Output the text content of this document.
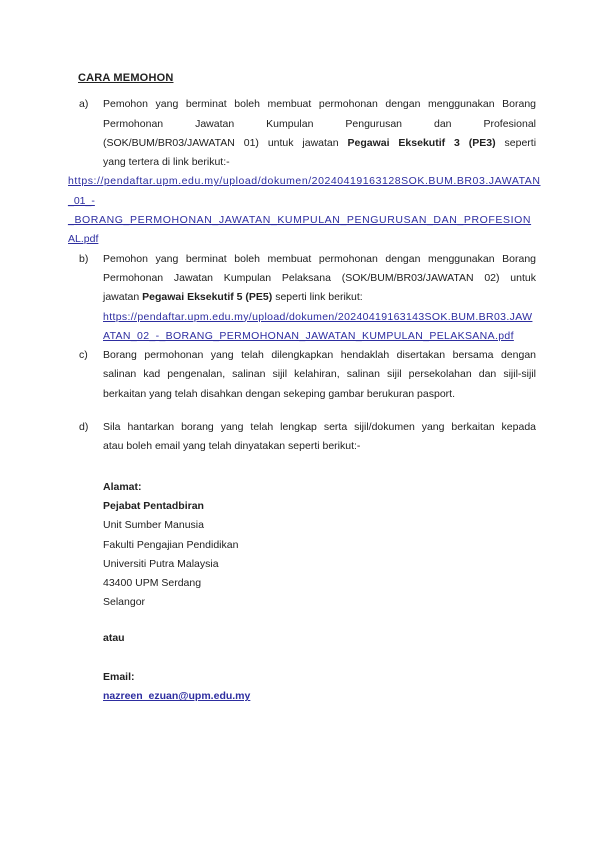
CARA MEMOHON
a) Pemohon yang berminat boleh membuat permohonan dengan menggunakan Borang
Permohonan Jawatan Kumpulan Pengurusan dan Profesional
(SOK/BUM/BR03/JAWATAN 01) untuk jawatan Pegawai Eksekutif 3 (PE3) seperti
yang tertera di link berikut:-
https://pendaftar.upm.edu.my/upload/dokumen/20240419163128SOK.BUM.BR03.JAWATAN
_01_-
_BORANG_PERMOHONAN_JAWATAN_KUMPULAN_PENGURUSAN_DAN_PROFESION
AL.pdf
b) Pemohon yang berminat boleh membuat permohonan dengan menggunakan Borang
Permohonan Jawatan Kumpulan Pelaksana (SOK/BUM/BR03/JAWATAN 02) untuk
jawatan Pegawai Eksekutif 5 (PE5) seperti link berikut:
https://pendaftar.upm.edu.my/upload/dokumen/20240419163143SOK.BUM.BR03.JAW
ATAN_02_-_BORANG_PERMOHONAN_JAWATAN_KUMPULAN_PELAKSANA.pdf
c) Borang permohonan yang telah dilengkapkan hendaklah disertakan bersama dengan
salinan kad pengenalan, salinan sijil kelahiran, salinan sijil persekolahan dan sijil-sijil
berkaitan yang telah disahkan dengan sekeping gambar berukuran pasport.
d) Sila hantarkan borang yang telah lengkap serta sijil/dokumen yang berkaitan kepada
atau boleh email yang telah dinyatakan seperti berikut:-
Alamat:
Pejabat Pentadbiran
Unit Sumber Manusia
Fakulti Pengajian Pendidikan
Universiti Putra Malaysia
43400 UPM Serdang
Selangor
atau
Email:
nazreen_ezuan@upm.edu.my
